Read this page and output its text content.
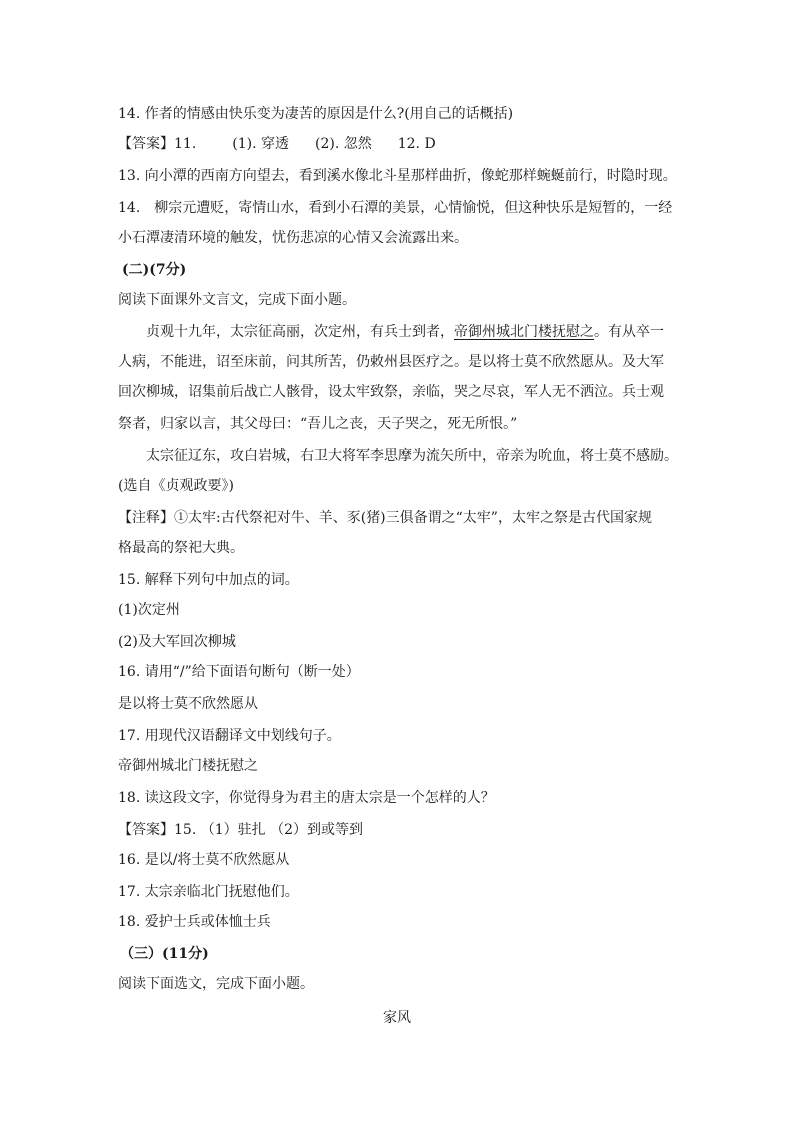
14. 作者的情感由快乐变为凄苦的原因是什么?(用自己的话概括)
【答案】11.	(1). 穿透 (2). 忽然 12. D
13. 向小潭的西南方向望去，看到溪水像北斗星那样曲折，像蛇那样蜿蜒前行，时隐时现。
14.　柳宗元遭贬，寄情山水，看到小石潭的美景，心情愉悦，但这种快乐是短暂的，一经
小石潭凄清环境的触发，忧伤悲凉的心情又会流露出来。
(二)(7分)
阅读下面课外文言文，完成下面小题。
贞观十九年，太宗征高丽，次定州，有兵士到者，帝御州城北门楼抚慰之。有从卒一
人病，不能进，诏至床前，问其所苦，仍敕州县医疗之。是以将士莫不欣然愿从。及大军
回次柳城，诏集前后战亡人骸骨，设太牢致祭，亲临，哭之尽哀，军人无不洒泣。兵士观
祭者，归家以言，其父母曰：“吾儿之丧，天子哭之，死无所恨。”
太宗征辽东，攻白岩城，右卫大将军李思摩为流矢所中，帝亲为吮血，将士莫不感励。
(选自《贞观政要》)
【注释】①太牢:古代祭祀对牛、羊、豕(猪)三俱备谓之“太牢”，太牢之祭是古代国家规
格最高的祭祀大典。
15. 解释下列句中加点的词。
(1)次定州
(2)及大军回次柳城
16. 请用“/”给下面语句断句（断一处）
是以将士莫不欣然愿从
17. 用现代汉语翻译文中划线句子。
帝御州城北门楼抚慰之
18. 读这段文字，你觉得身为君主的唐太宗是一个怎样的人？
【答案】15. （1）驻扎 （2）到或等到
16. 是以/将士莫不欣然愿从
17. 太宗亲临北门抚慰他们。
18. 爱护士兵或体恤士兵
（三）(11分)
阅读下面选文，完成下面小题。
家风
